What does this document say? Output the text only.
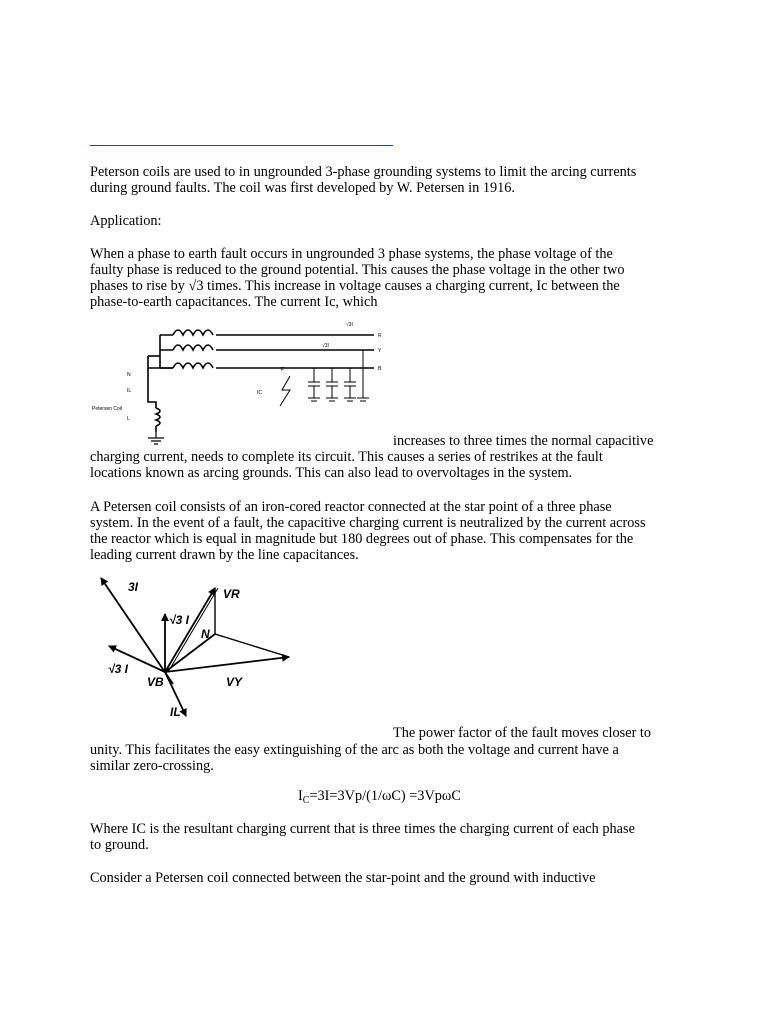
Peterson coils are used to in ungrounded 3-phase grounding systems to limit the arcing currents
during ground faults. The coil was first developed by W. Petersen in 1916.

Application:

When a phase to earth fault occurs in ungrounded 3 phase systems, the phase voltage of the
faulty phase is reduced to the ground potential. This causes the phase voltage in the other two
phases to rise by √3 times. This increase in voltage causes a charging current, Ic between the
phase-to-earth capacitances. The current Ic, which

R
Y
B
√3I
√3I
F
N
IL	IC
Petersen Coil
L
increases to three times the normal capacitive

charging current, needs to complete its circuit. This causes a series of restrikes at the fault
locations known as arcing grounds. This can also lead to overvoltages in the system.

A Petersen coil consists of an iron-cored reactor connected at the star point of a three phase
system. In the event of a fault, the capacitive charging current is neutralized by the current across
the reactor which is equal in magnitude but 180 degrees out of phase. This compensates for the
leading current drawn by the line capacitances.

3I
√3 I
VR
N
√3 I
VB	VY
IL
The power factor of the fault moves closer to

unity. This facilitates the easy extinguishing of the arc as both the voltage and current have a
similar zero-crossing.

$I_C=3I=3Vp/(1/\omega C) =3Vp\omega C$

Where IC is the resultant charging current that is three times the charging current of each phase
to ground.

Consider a Petersen coil connected between the star-point and the ground with inductive
